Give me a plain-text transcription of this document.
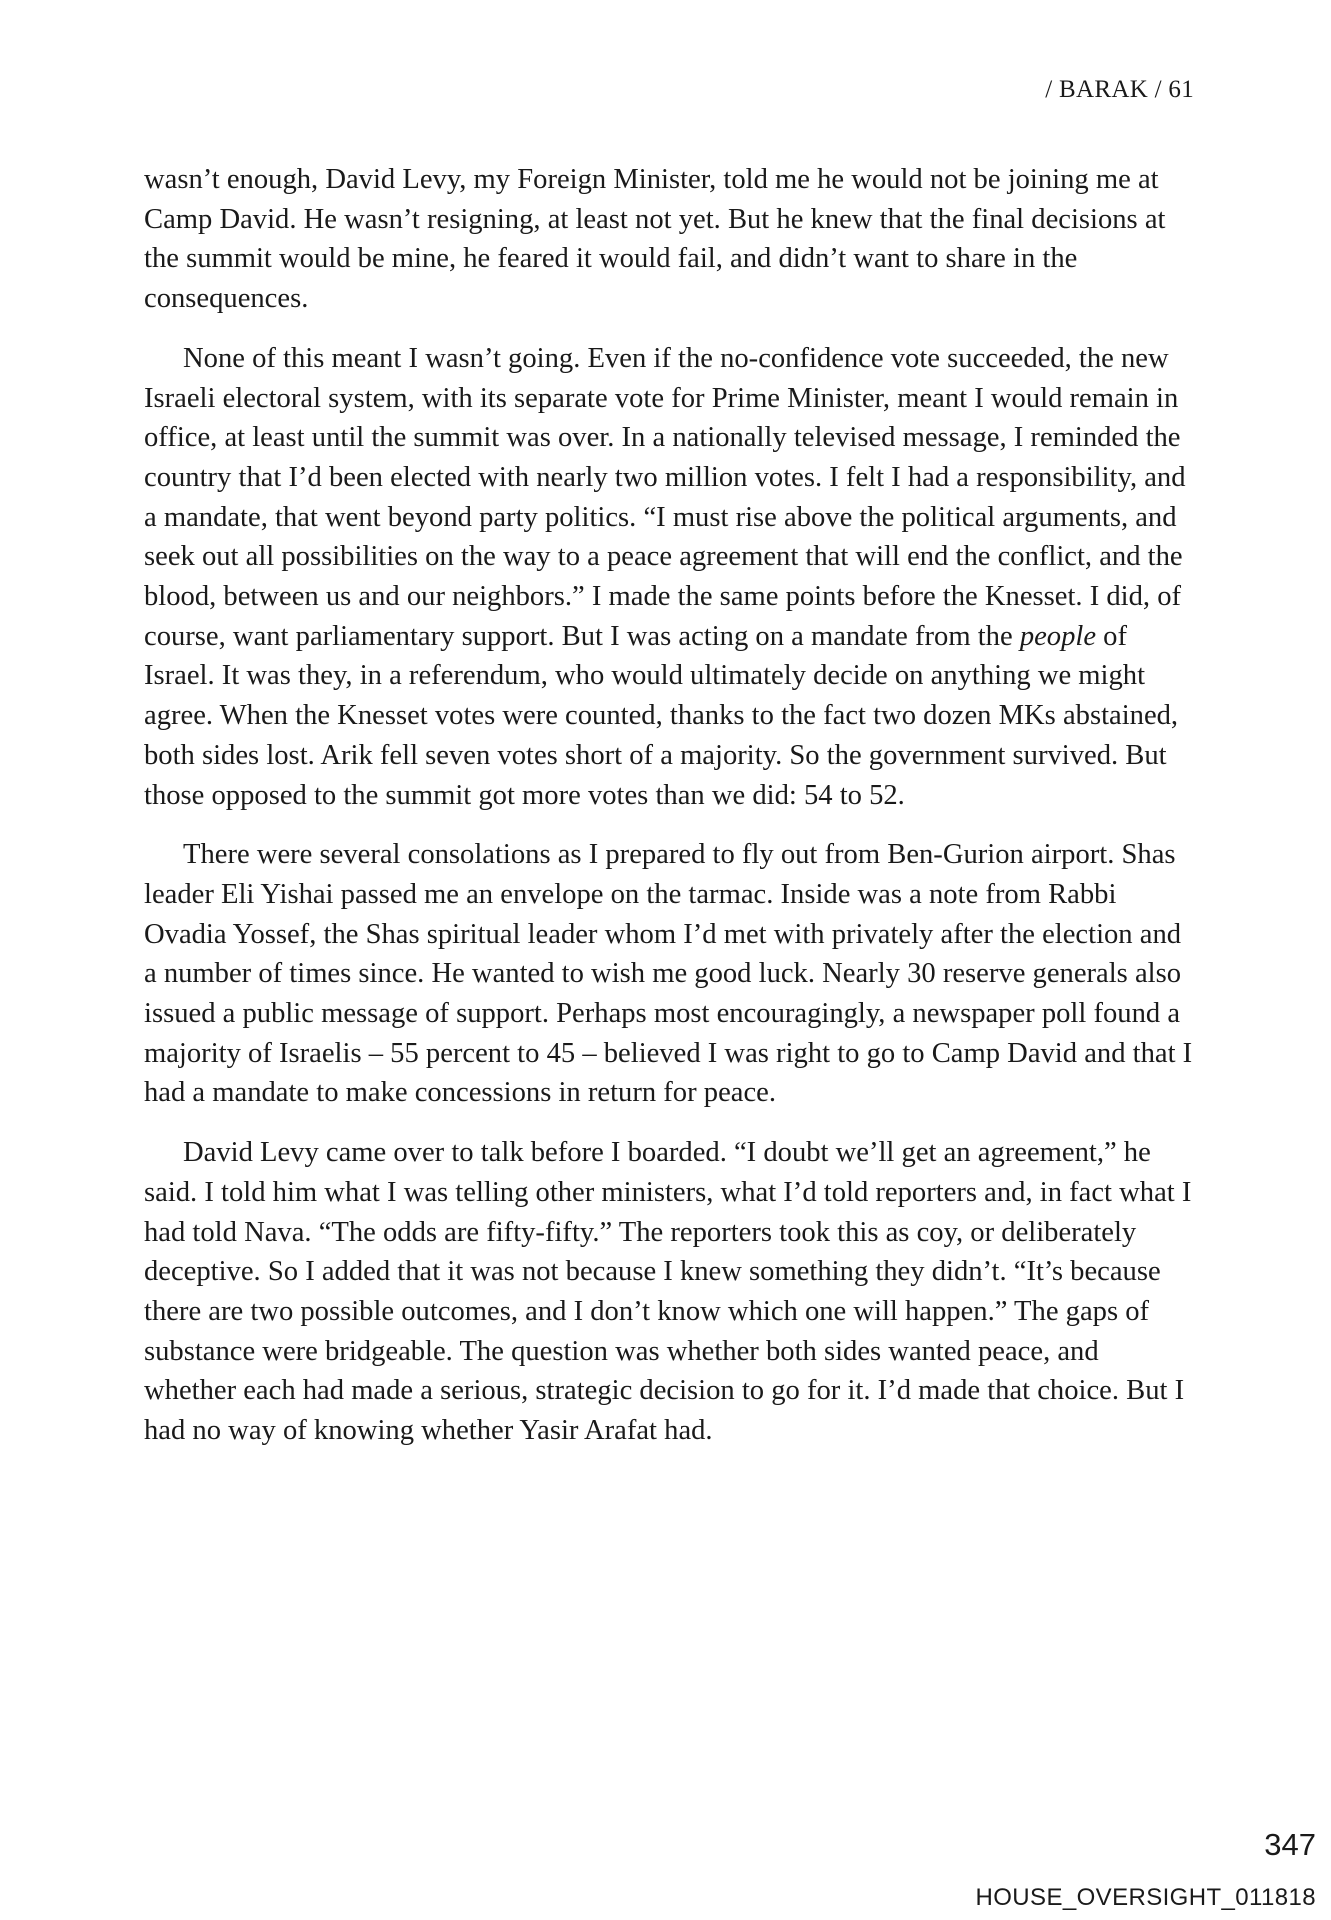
/ BARAK / 61

wasn’t enough, David Levy, my Foreign Minister, told me he would not be joining me at Camp David. He wasn’t resigning, at least not yet. But he knew that the final decisions at the summit would be mine, he feared it would fail, and didn’t want to share in the consequences.

None of this meant I wasn’t going. Even if the no-confidence vote succeeded, the new Israeli electoral system, with its separate vote for Prime Minister, meant I would remain in office, at least until the summit was over. In a nationally televised message, I reminded the country that I’d been elected with nearly two million votes. I felt I had a responsibility, and a mandate, that went beyond party politics. “I must rise above the political arguments, and seek out all possibilities on the way to a peace agreement that will end the conflict, and the blood, between us and our neighbors.” I made the same points before the Knesset. I did, of course, want parliamentary support. But I was acting on a mandate from the people of Israel. It was they, in a referendum, who would ultimately decide on anything we might agree. When the Knesset votes were counted, thanks to the fact two dozen MKs abstained, both sides lost. Arik fell seven votes short of a majority. So the government survived. But those opposed to the summit got more votes than we did: 54 to 52.

There were several consolations as I prepared to fly out from Ben-Gurion airport. Shas leader Eli Yishai passed me an envelope on the tarmac. Inside was a note from Rabbi Ovadia Yossef, the Shas spiritual leader whom I’d met with privately after the election and a number of times since. He wanted to wish me good luck. Nearly 30 reserve generals also issued a public message of support. Perhaps most encouragingly, a newspaper poll found a majority of Israelis – 55 percent to 45 – believed I was right to go to Camp David and that I had a mandate to make concessions in return for peace.

David Levy came over to talk before I boarded. “I doubt we’ll get an agreement,” he said. I told him what I was telling other ministers, what I’d told reporters and, in fact what I had told Nava. “The odds are fifty-fifty.” The reporters took this as coy, or deliberately deceptive. So I added that it was not because I knew something they didn’t. “It’s because there are two possible outcomes, and I don’t know which one will happen.” The gaps of substance were bridgeable. The question was whether both sides wanted peace, and whether each had made a serious, strategic decision to go for it. I’d made that choice. But I had no way of knowing whether Yasir Arafat had.

347
HOUSE_OVERSIGHT_011818
